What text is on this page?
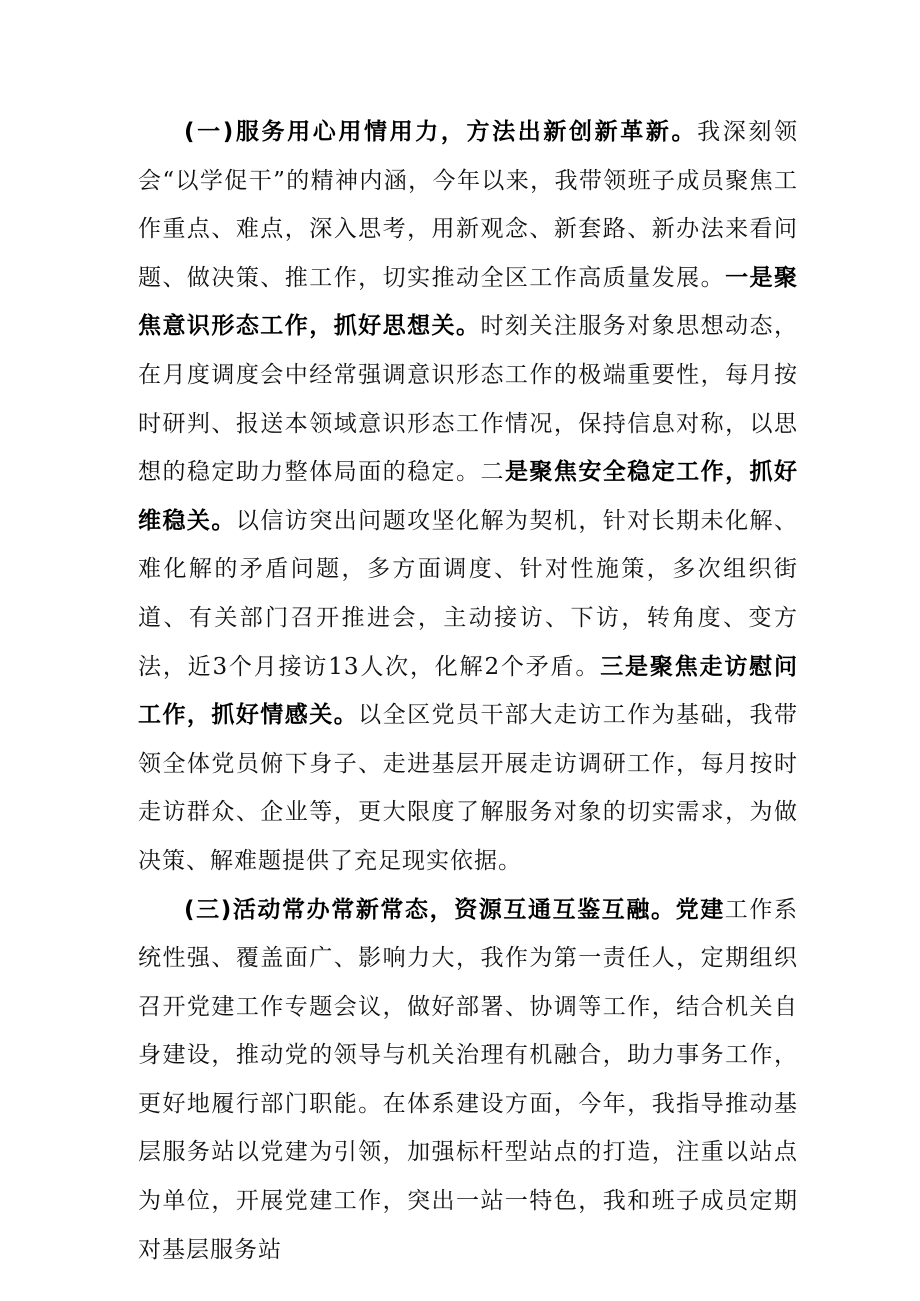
(一)服务用心用情用力，方法出新创新革新。我深刻领会“以学促干”的精神内涵，今年以来，我带领班子成员聚焦工作重点、难点，深入思考，用新观念、新套路、新办法来看问题、做决策、推工作，切实推动全区工作高质量发展。一是聚焦意识形态工作，抓好思想关。时刻关注服务对象思想动态，在月度调度会中经常强调意识形态工作的极端重要性，每月按时研判、报送本领域意识形态工作情况，保持信息对称，以思想的稳定助力整体局面的稳定。二是聚焦安全稳定工作，抓好维稳关。以信访突出问题攻坚化解为契机，针对长期未化解、难化解的矛盾问题，多方面调度、针对性施策，多次组织街道、有关部门召开推进会，主动接访、下访，转角度、变方法，近3个月接访13人次，化解2个矛盾。三是聚焦走访慰问工作，抓好情感关。以全区党员干部大走访工作为基础，我带领全体党员俯下身子、走进基层开展走访调研工作，每月按时走访群众、企业等，更大限度了解服务对象的切实需求，为做决策、解难题提供了充足现实依据。

(三)活动常办常新常态，资源互通互鉴互融。党建工作系统性强、覆盖面广、影响力大，我作为第一责任人，定期组织召开党建工作专题会议，做好部署、协调等工作，结合机关自身建设，推动党的领导与机关治理有机融合，助力事务工作，更好地履行部门职能。在体系建设方面，今年，我指导推动基层服务站以党建为引领，加强标杆型站点的打造，注重以站点为单位，开展党建工作，突出一站一特色，我和班子成员定期对基层服务站
